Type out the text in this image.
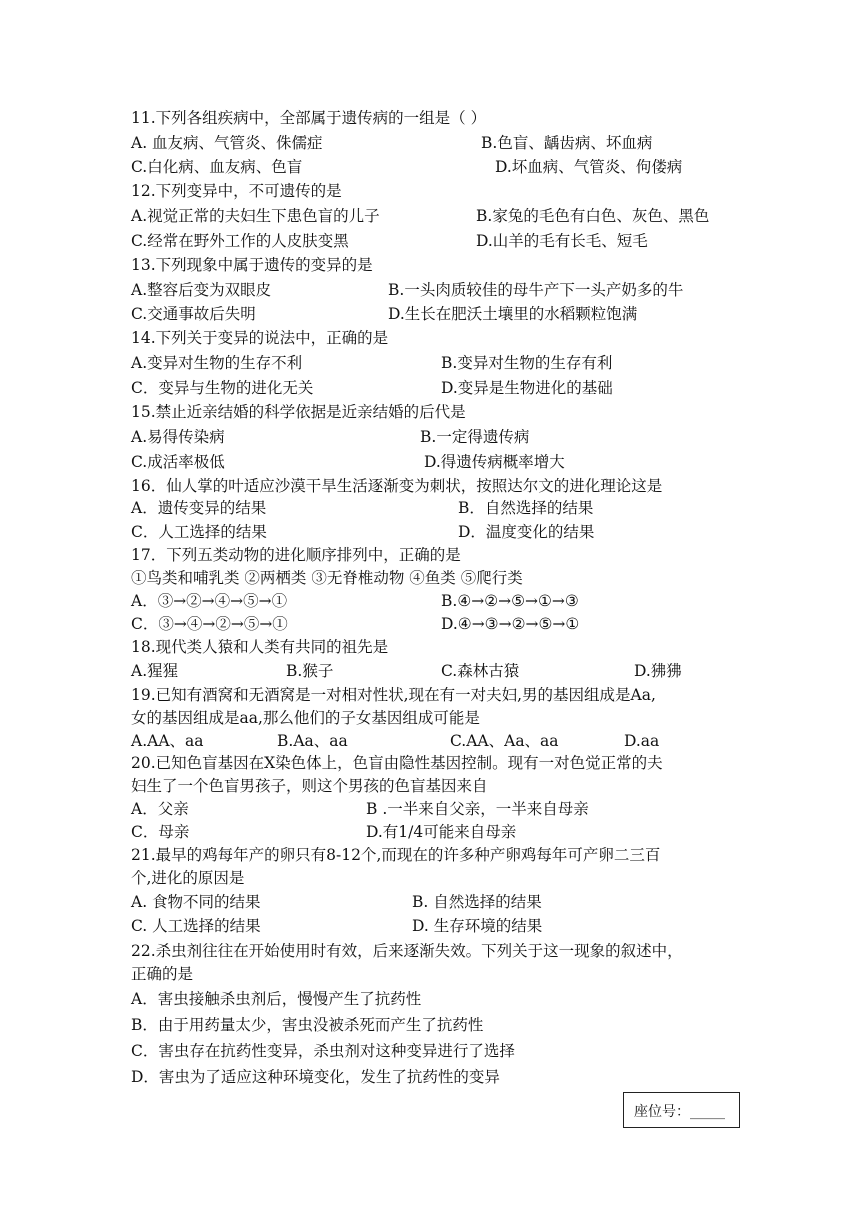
11.下列各组疾病中，全部属于遗传病的一组是（ ）
A. 血友病、气管炎、侏儒症	B.色盲、龋齿病、坏血病
C.白化病、血友病、色盲	D.坏血病、气管炎、佝偻病
12.下列变异中，不可遗传的是
A.视觉正常的夫妇生下患色盲的儿子	B.家兔的毛色有白色、灰色、黑色
C.经常在野外工作的人皮肤变黑	D.山羊的毛有长毛、短毛
13.下列现象中属于遗传的变异的是
A.整容后变为双眼皮	B.一头肉质较佳的母牛产下一头产奶多的牛
C.交通事故后失明	D.生长在肥沃土壤里的水稻颗粒饱满
14.下列关于变异的说法中，正确的是
A.变异对生物的生存不利	B.变异对生物的生存有利
C．变异与生物的进化无关	D.变异是生物进化的基础
15.禁止近亲结婚的科学依据是近亲结婚的后代是
A.易得传染病	B.一定得遗传病
C.成活率极低	D.得遗传病概率增大
16．仙人掌的叶适应沙漠干旱生活逐渐变为刺状，按照达尔文的进化理论这是
A．遗传变异的结果	B．自然选择的结果
C．人工选择的结果	D．温度变化的结果
17．下列五类动物的进化顺序排列中，正确的是
①鸟类和哺乳类 ②两栖类 ③无脊椎动物 ④鱼类 ⑤爬行类
A．③→②→④→⑤→①	B.④→②→⑤→①→③
C．③→④→②→⑤→①	D.④→③→②→⑤→①
18.现代类人猿和人类有共同的祖先是
A.猩猩	B.猴子	C.森林古猿	D.狒狒
19.已知有酒窝和无酒窝是一对相对性状,现在有一对夫妇,男的基因组成是Aa,
女的基因组成是aa,那么他们的子女基因组成可能是
A.AA、aa	B.Aa、aa	C.AA、Aa、aa	D.aa
20.已知色盲基因在X染色体上，色盲由隐性基因控制。现有一对色觉正常的夫
妇生了一个色盲男孩子，则这个男孩的色盲基因来自
A．父亲	B .一半来自父亲，一半来自母亲
C．母亲	D.有1/4可能来自母亲
21.最早的鸡每年产的卵只有8-12个,而现在的许多种产卵鸡每年可产卵二三百
个,进化的原因是
A. 食物不同的结果	B. 自然选择的结果
C. 人工选择的结果	D. 生存环境的结果
22.杀虫剂往往在开始使用时有效，后来逐渐失效。下列关于这一现象的叙述中，
正确的是
A．害虫接触杀虫剂后，慢慢产生了抗药性
B．由于用药量太少，害虫没被杀死而产生了抗药性
C．害虫存在抗药性变异，杀虫剂对这种变异进行了选择
D．害虫为了适应这种环境变化，发生了抗药性的变异
座位号：_____
